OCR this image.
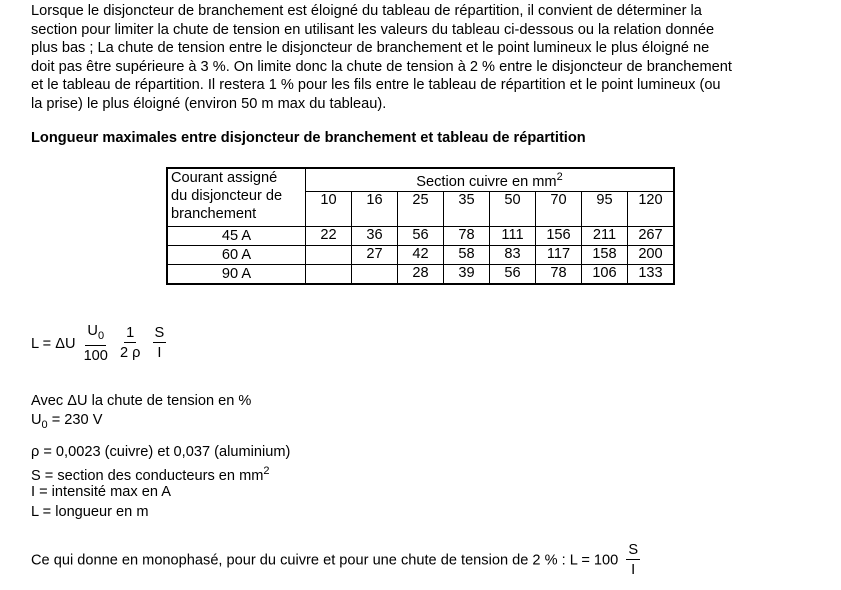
Lorsque le disjoncteur de branchement est éloigné du tableau de répartition, il convient de déterminer la
section pour limiter la chute de tension en utilisant les valeurs du tableau ci-dessous ou la relation donnée
plus bas ; La chute de tension entre le disjoncteur de branchement et le point lumineux le plus éloigné ne
doit pas être supérieure à 3 %. On limite donc la chute de tension à 2 % entre le disjoncteur de branchement
et le tableau de répartition. Il restera 1 % pour les fils entre le tableau de répartition et le point lumineux (ou
la prise) le plus éloigné (environ 50 m max du tableau).
Longueur maximales entre disjoncteur de branchement et tableau de répartition
Courant assigné
du disjoncteur de
branchement	Section cuivre en $mm^2$
	10	16	25	35	50	70	95	120
45 A	22	36	56	78	111	156	211	267
60 A		27	42	58	83	117	158	200
90 A			28	39	56	78	106	133
L = ΔU $\frac{U_0}{100}$
$\frac{1}{2 \rho}$
$\frac{S}{I}$
Avec ΔU la chute de tension en %
$U_0 = 230$ V
ρ = 0,0023 (cuivre) et 0,037 (aluminium)
S = section des conducteurs en $mm^2$
I = intensité max en A
L = longueur en m
Ce qui donne en monophasé, pour du cuivre et pour une chute de tension de 2 % : $L = 100 \frac{S}{I}$
